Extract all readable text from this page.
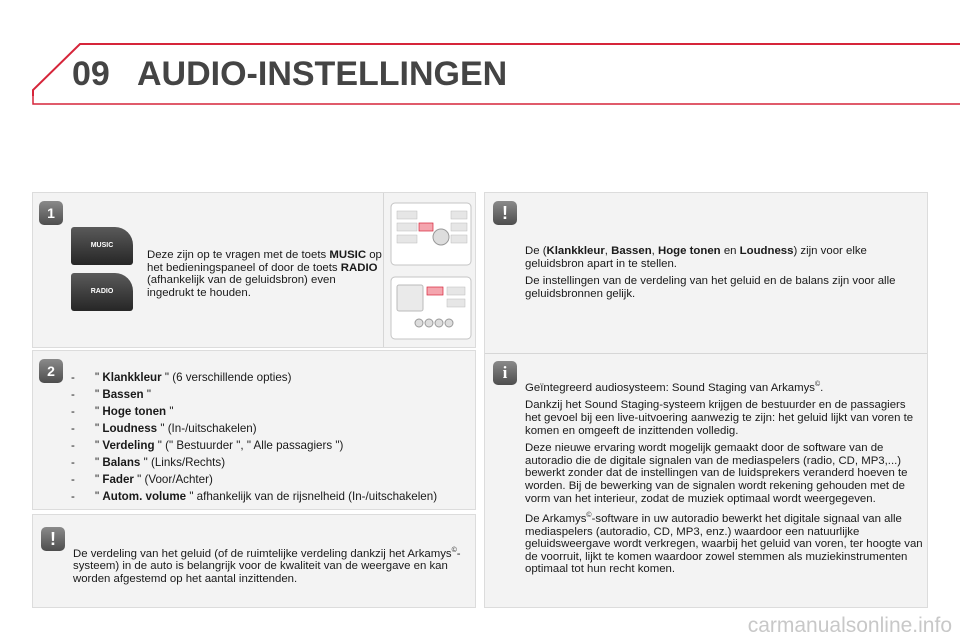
09 AUDIO-INSTELLINGEN
1
MUSIC
RADIO
Deze zijn op te vragen met de toets MUSIC op het bedieningspaneel of door de toets RADIO (afhankelijk van de geluidsbron) even ingedrukt te houden.
2	- " Klankkleur " (6 verschillende opties)
- " Bassen "
- " Hoge tonen "
- " Loudness " (In-/uitschakelen)
- " Verdeling " (" Bestuurder ", " Alle passagiers ")
- " Balans " (Links/Rechts)
- " Fader " (Voor/Achter)
- " Autom. volume " afhankelijk van de rijsnelheid (In-/uitschakelen)
!
De verdeling van het geluid (of de ruimtelijke verdeling dankzij het Arkamys©-systeem) in de auto is belangrijk voor de kwaliteit van de weergave en kan worden afgestemd op het aantal inzittenden.
!

De (Klankkleur, Bassen, Hoge tonen en Loudness) zijn voor elke geluidsbron apart in te stellen.

De instellingen van de verdeling van het geluid en de balans zijn voor alle geluidsbronnen gelijk.

i

Geïntegreerd audiosysteem: Sound Staging van Arkamys©.

Dankzij het Sound Staging-systeem krijgen de bestuurder en de passagiers het gevoel bij een live-uitvoering aanwezig te zijn: het geluid lijkt van voren te komen en omgeeft de inzittenden volledig.

Deze nieuwe ervaring wordt mogelijk gemaakt door de software van de autoradio die de digitale signalen van de mediaspelers (radio, CD, MP3,...) bewerkt zonder dat de instellingen van de luidsprekers veranderd hoeven te worden. Bij de bewerking van de signalen wordt rekening gehouden met de vorm van het interieur, zodat de muziek optimaal wordt weergegeven.

De Arkamys©-software in uw autoradio bewerkt het digitale signaal van alle mediaspelers (autoradio, CD, MP3, enz.) waardoor een natuurlijke geluidsweergave wordt verkregen, waarbij het geluid van voren, ter hoogte van de voorruit, lijkt te komen waardoor zowel stemmen als muziekinstrumenten optimaal tot hun recht komen.

carmanualsonline.info
